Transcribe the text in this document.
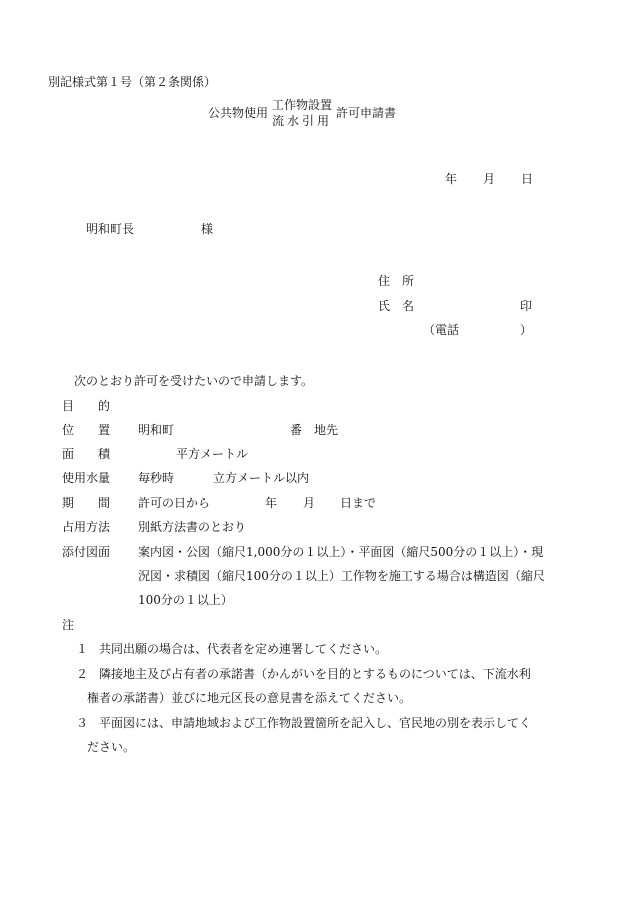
別記様式第１号（第２条関係）
公共物使用
工作物設置
流水引用
許可申請書
年 月 日
明和町長	様
住　所
氏　名	印
（電話	）
次のとおり許可を受けたいので申請します。
目　　的
位　　置 明和町	番　地先
面　　積	平方メートル
使用水量 毎秒時	立方メートル以内
期　　間 許可の日から	年 月 日まで
占用方法 別紙方法書のとおり
添付図面 案内図・公図（縮尺1,000分の１以上）・平面図（縮尺500分の１以上）・現
況図・求積図（縮尺100分の１以上）工作物を施工する場合は構造図（縮尺
100分の１以上）
注
１ 共同出願の場合は、代表者を定め連署してください。
２ 隣接地主及び占有者の承諾書（かんがいを目的とするものについては、下流水利
権者の承諾書）並びに地元区長の意見書を添えてください。
３ 平面図には、申請地域および工作物設置箇所を記入し、官民地の別を表示してく
ださい。
